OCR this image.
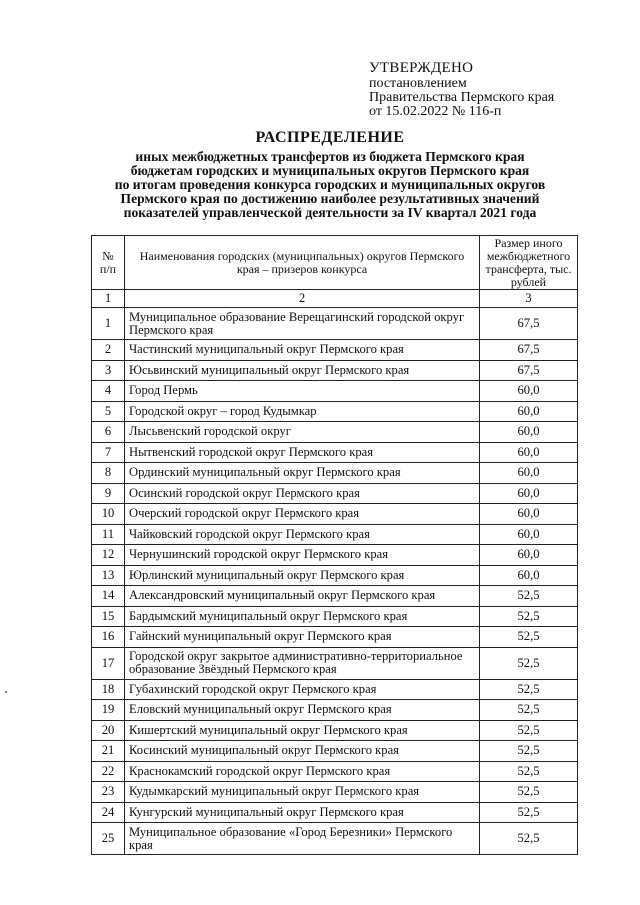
УТВЕРЖДЕНО
постановлением
Правительства Пермского края
от 15.02.2022 № 116-п
РАСПРЕДЕЛЕНИЕ
иных межбюджетных трансфертов из бюджета Пермского края
бюджетам городских и муниципальных округов Пермского края
по итогам проведения конкурса городских и муниципальных округов
Пермского края по достижению наиболее результативных значений
показателей управленческой деятельности за IV квартал 2021 года
№ п/п	Наименования городских (муниципальных) округов Пермского края – призеров конкурса	Размер иного межбюджетного трансферта, тыс. рублей
1	2	3
1	Муниципальное образование Верещагинский городской округ Пермского края	67,5
2	Частинский муниципальный округ Пермского края	67,5
3	Юсьвинский муниципальный округ Пермского края	67,5
4	Город Пермь	60,0
5	Городской округ – город Кудымкар	60,0
6	Лысьвенский городской округ	60,0
7	Нытвенский городской округ Пермского края	60,0
8	Ординский муниципальный округ Пермского края	60,0
9	Осинский городской округ Пермского края	60,0
10	Очерский городской округ Пермского края	60,0
11	Чайковский городской округ Пермского края	60,0
12	Чернушинский городской округ Пермского края	60,0
13	Юрлинский муниципальный округ Пермского края	60,0
14	Александровский муниципальный округ Пермского края	52,5
15	Бардымский муниципальный округ Пермского края	52,5
16	Гайнский муниципальный округ Пермского края	52,5
17	Городской округ закрытое административно-территориальное образование Звёздный Пермского края	52,5
18	Губахинский городской округ Пермского края	52,5
19	Еловский муниципальный округ Пермского края	52,5
20	Кишертский муниципальный округ Пермского края	52,5
21	Косинский муниципальный округ Пермского края	52,5
22	Краснокамский городской округ Пермского края	52,5
23	Кудымкарский муниципальный округ Пермского края	52,5
24	Кунгурский муниципальный округ Пермского края	52,5
25	Муниципальное образование «Город Березники» Пермского края	52,5
